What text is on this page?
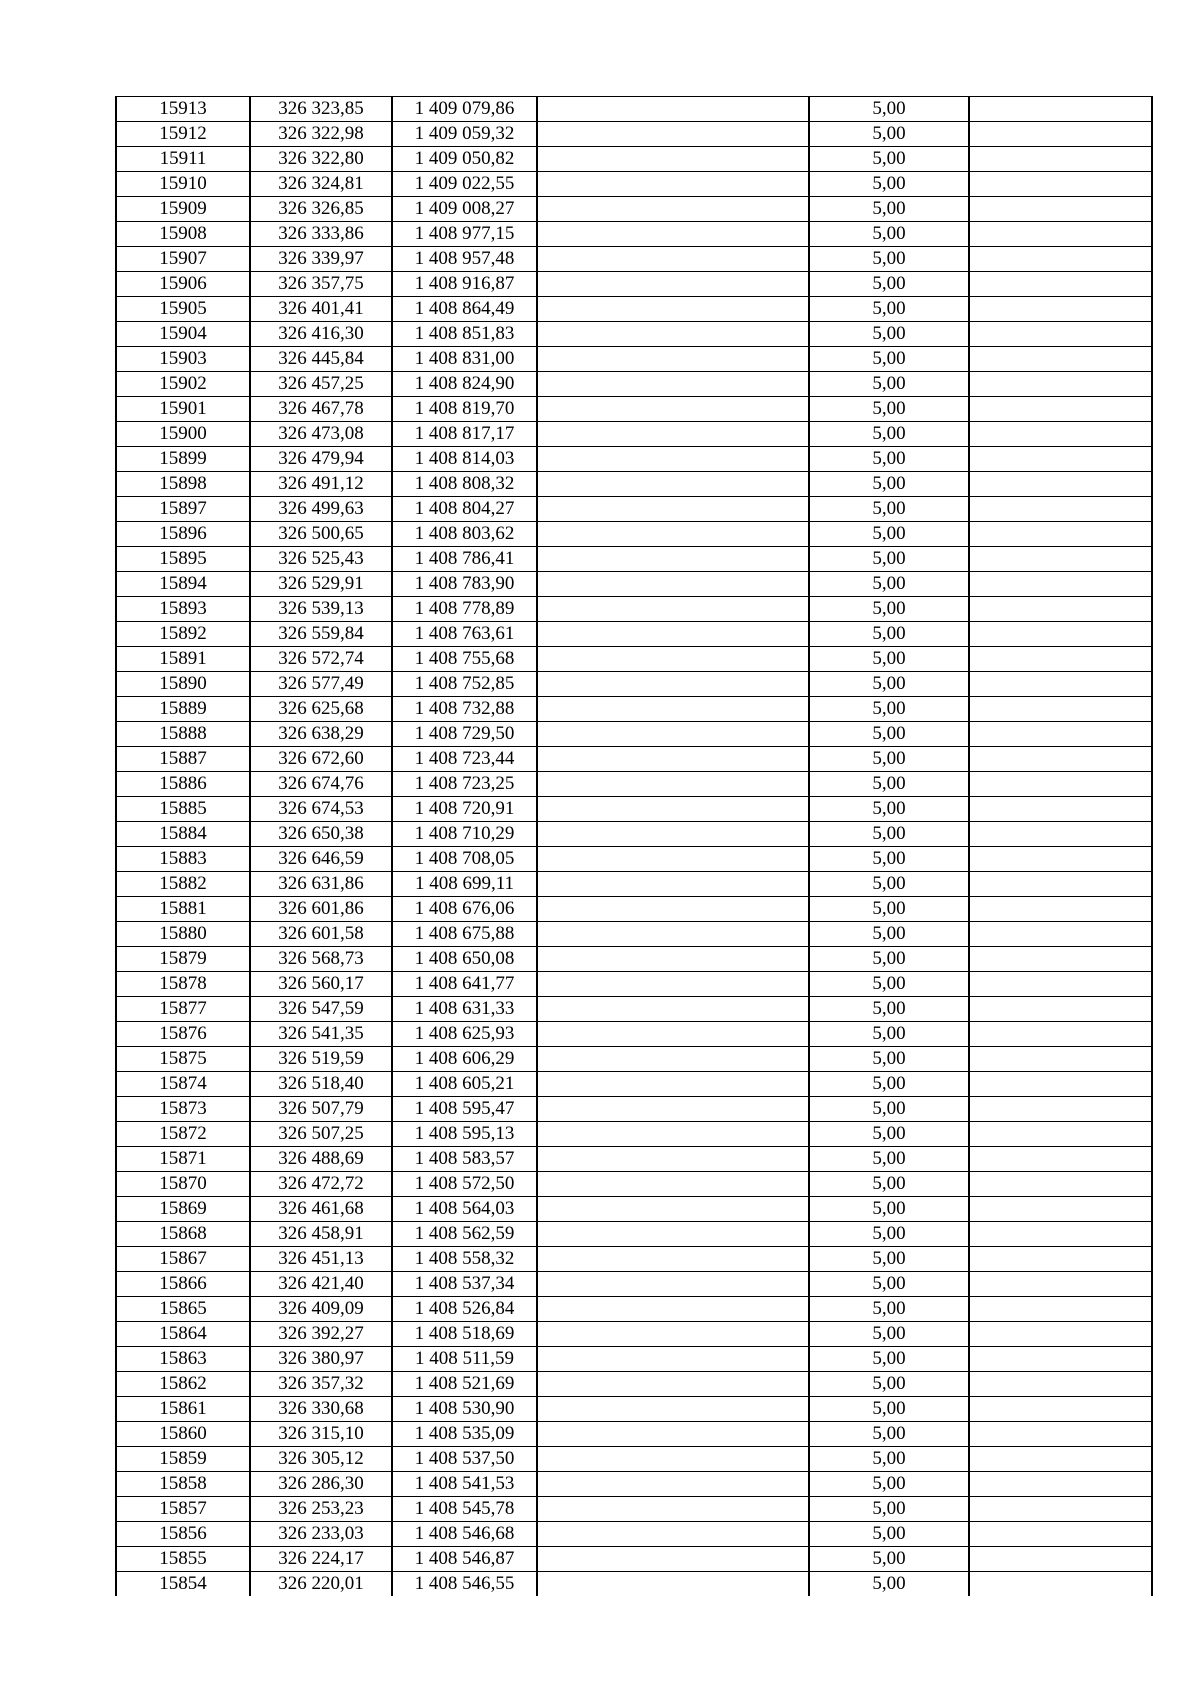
15913	326 323,85	1 409 079,86		5,00	
15912	326 322,98	1 409 059,32		5,00	
15911	326 322,80	1 409 050,82		5,00	
15910	326 324,81	1 409 022,55		5,00	
15909	326 326,85	1 409 008,27		5,00	
15908	326 333,86	1 408 977,15		5,00	
15907	326 339,97	1 408 957,48		5,00	
15906	326 357,75	1 408 916,87		5,00	
15905	326 401,41	1 408 864,49		5,00	
15904	326 416,30	1 408 851,83		5,00	
15903	326 445,84	1 408 831,00		5,00	
15902	326 457,25	1 408 824,90		5,00	
15901	326 467,78	1 408 819,70		5,00	
15900	326 473,08	1 408 817,17		5,00	
15899	326 479,94	1 408 814,03		5,00	
15898	326 491,12	1 408 808,32		5,00	
15897	326 499,63	1 408 804,27		5,00	
15896	326 500,65	1 408 803,62		5,00	
15895	326 525,43	1 408 786,41		5,00	
15894	326 529,91	1 408 783,90		5,00	
15893	326 539,13	1 408 778,89		5,00	
15892	326 559,84	1 408 763,61		5,00	
15891	326 572,74	1 408 755,68		5,00	
15890	326 577,49	1 408 752,85		5,00	
15889	326 625,68	1 408 732,88		5,00	
15888	326 638,29	1 408 729,50		5,00	
15887	326 672,60	1 408 723,44		5,00	
15886	326 674,76	1 408 723,25		5,00	
15885	326 674,53	1 408 720,91		5,00	
15884	326 650,38	1 408 710,29		5,00	
15883	326 646,59	1 408 708,05		5,00	
15882	326 631,86	1 408 699,11		5,00	
15881	326 601,86	1 408 676,06		5,00	
15880	326 601,58	1 408 675,88		5,00	
15879	326 568,73	1 408 650,08		5,00	
15878	326 560,17	1 408 641,77		5,00	
15877	326 547,59	1 408 631,33		5,00	
15876	326 541,35	1 408 625,93		5,00	
15875	326 519,59	1 408 606,29		5,00	
15874	326 518,40	1 408 605,21		5,00	
15873	326 507,79	1 408 595,47		5,00	
15872	326 507,25	1 408 595,13		5,00	
15871	326 488,69	1 408 583,57		5,00	
15870	326 472,72	1 408 572,50		5,00	
15869	326 461,68	1 408 564,03		5,00	
15868	326 458,91	1 408 562,59		5,00	
15867	326 451,13	1 408 558,32		5,00	
15866	326 421,40	1 408 537,34		5,00	
15865	326 409,09	1 408 526,84		5,00	
15864	326 392,27	1 408 518,69		5,00	
15863	326 380,97	1 408 511,59		5,00	
15862	326 357,32	1 408 521,69		5,00	
15861	326 330,68	1 408 530,90		5,00	
15860	326 315,10	1 408 535,09		5,00	
15859	326 305,12	1 408 537,50		5,00	
15858	326 286,30	1 408 541,53		5,00	
15857	326 253,23	1 408 545,78		5,00	
15856	326 233,03	1 408 546,68		5,00	
15855	326 224,17	1 408 546,87		5,00	
15854	326 220,01	1 408 546,55		5,00	
